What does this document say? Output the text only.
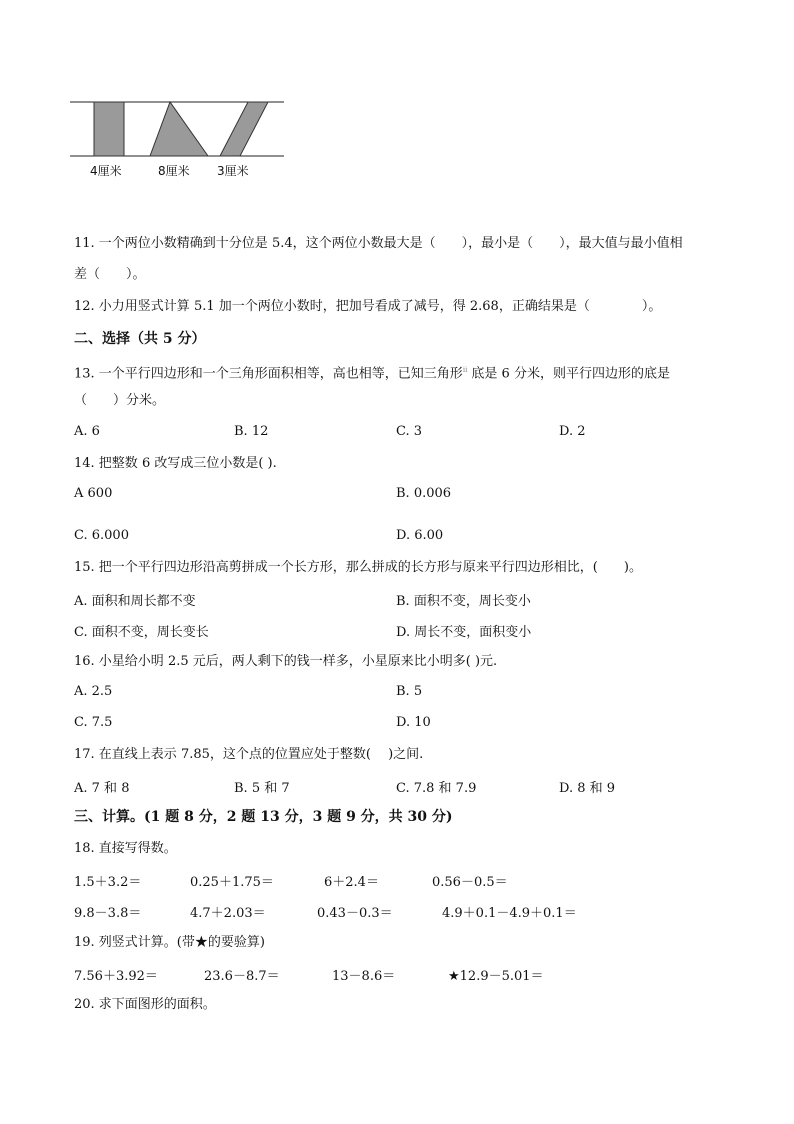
4厘米	8厘米 3厘米
11. 一个两位小数精确到十分位是 5.4，这个两位小数最大是（　　），最小是（　　），最大值与最小值相
差（　　）。
12. 小力用竖式计算 5.1 加一个两位小数时，把加号看成了减号，得 2.68，正确结果是（　　　　）。
二、选择（共 5 分）
13. 一个平行四边形和一个三角形面积相等，高也相等，已知三角形$^ⅱ$ 底是 6 分米，则平行四边形的底是
（　　）分米。
A. 6	B. 12	C. 3	D. 2
14. 把整数 6 改写成三位小数是( ).
A 600	B. 0.006
C. 6.000	D. 6.00
15. 把一个平行四边形沿高剪拼成一个长方形，那么拼成的长方形与原来平行四边形相比，(　　)。
A. 面积和周长都不变	B. 面积不变，周长变小
C. 面积不变，周长变长	D. 周长不变，面积变小
16. 小星给小明 2.5 元后，两人剩下的钱一样多，小星原来比小明多( )元.
A. 2.5	B. 5
C. 7.5	D. 10
17. 在直线上表示 7.85，这个点的位置应处于整数(　 )之间.
A. 7 和 8	B. 5 和 7	C. 7.8 和 7.9	D. 8 和 9
三、计算。(1 题 8 分，2 题 13 分，3 题 9 分，共 30 分)
18. 直接写得数。
1.5＋3.2＝	0.25＋1.75＝	6＋2.4＝	0.56－0.5＝
9.8－3.8＝	4.7＋2.03＝	0.43－0.3＝	4.9＋0.1－4.9＋0.1＝
19. 列竖式计算。(带★的要验算)
7.56＋3.92＝	23.6－8.7＝	13－8.6＝	★12.9－5.01＝
20. 求下面图形的面积。
